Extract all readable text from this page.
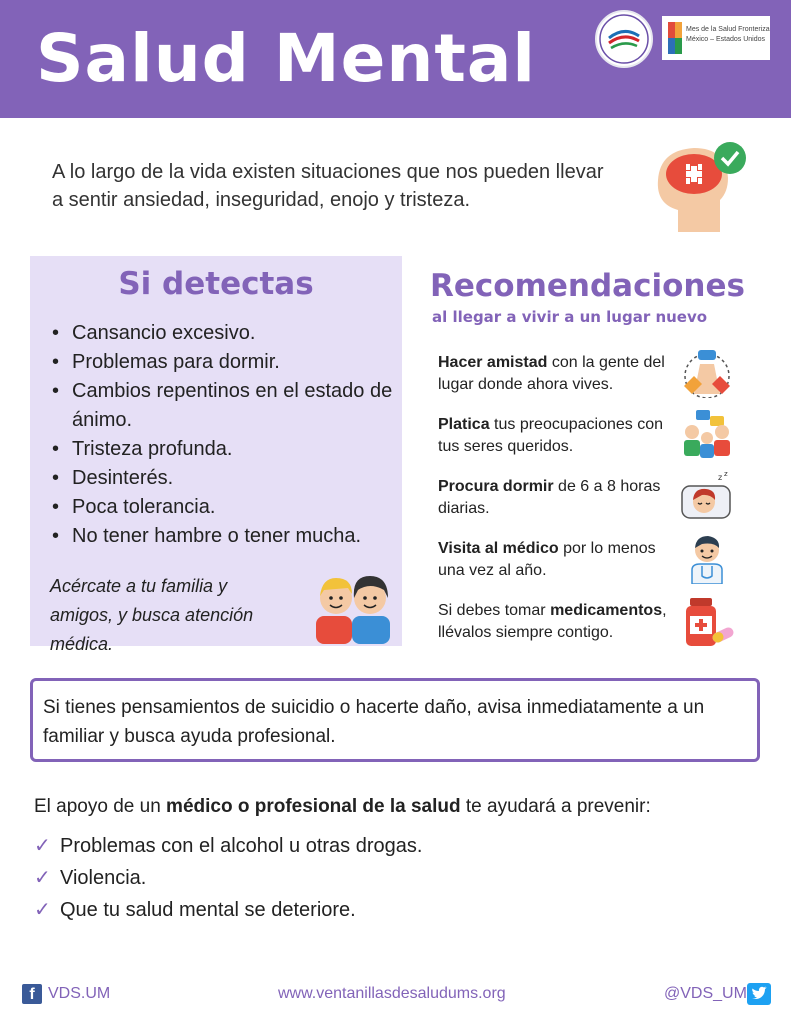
Salud Mental	Mes de la Salud Fronteriza
México – Estados Unidos
A lo largo de la vida existen situaciones que nos pueden llevar a sentir ansiedad, inseguridad, enojo y tristeza.
Si detectas
• Cansancio excesivo.
• Problemas para dormir.
• Cambios repentinos en el estado de ánimo.
• Tristeza profunda.
• Desinterés.
• Poca tolerancia.
• No tener hambre o tener mucha.
Acércate a tu familia y amigos, y busca atención médica.
Recomendaciones
al llegar a vivir a un lugar nuevo
Hacer amistad con la gente del lugar donde ahora vives.
Platica tus preocupaciones con tus seres queridos.
Procura dormir de 6 a 8 horas diarias.
z z
Visita al médico por lo menos una vez al año.
Si debes tomar medicamentos, llévalos siempre contigo.
Si tienes pensamientos de suicidio o hacerte daño, avisa inmediatamente a un familiar y busca ayuda profesional.
El apoyo de un médico o profesional de la salud te ayudará a prevenir:
✓ Problemas con el alcohol u otras drogas.
✓ Violencia.
✓ Que tu salud mental se deteriore.
f VDS.UM	www.ventanillasdesaludums.org	@VDS_UM
